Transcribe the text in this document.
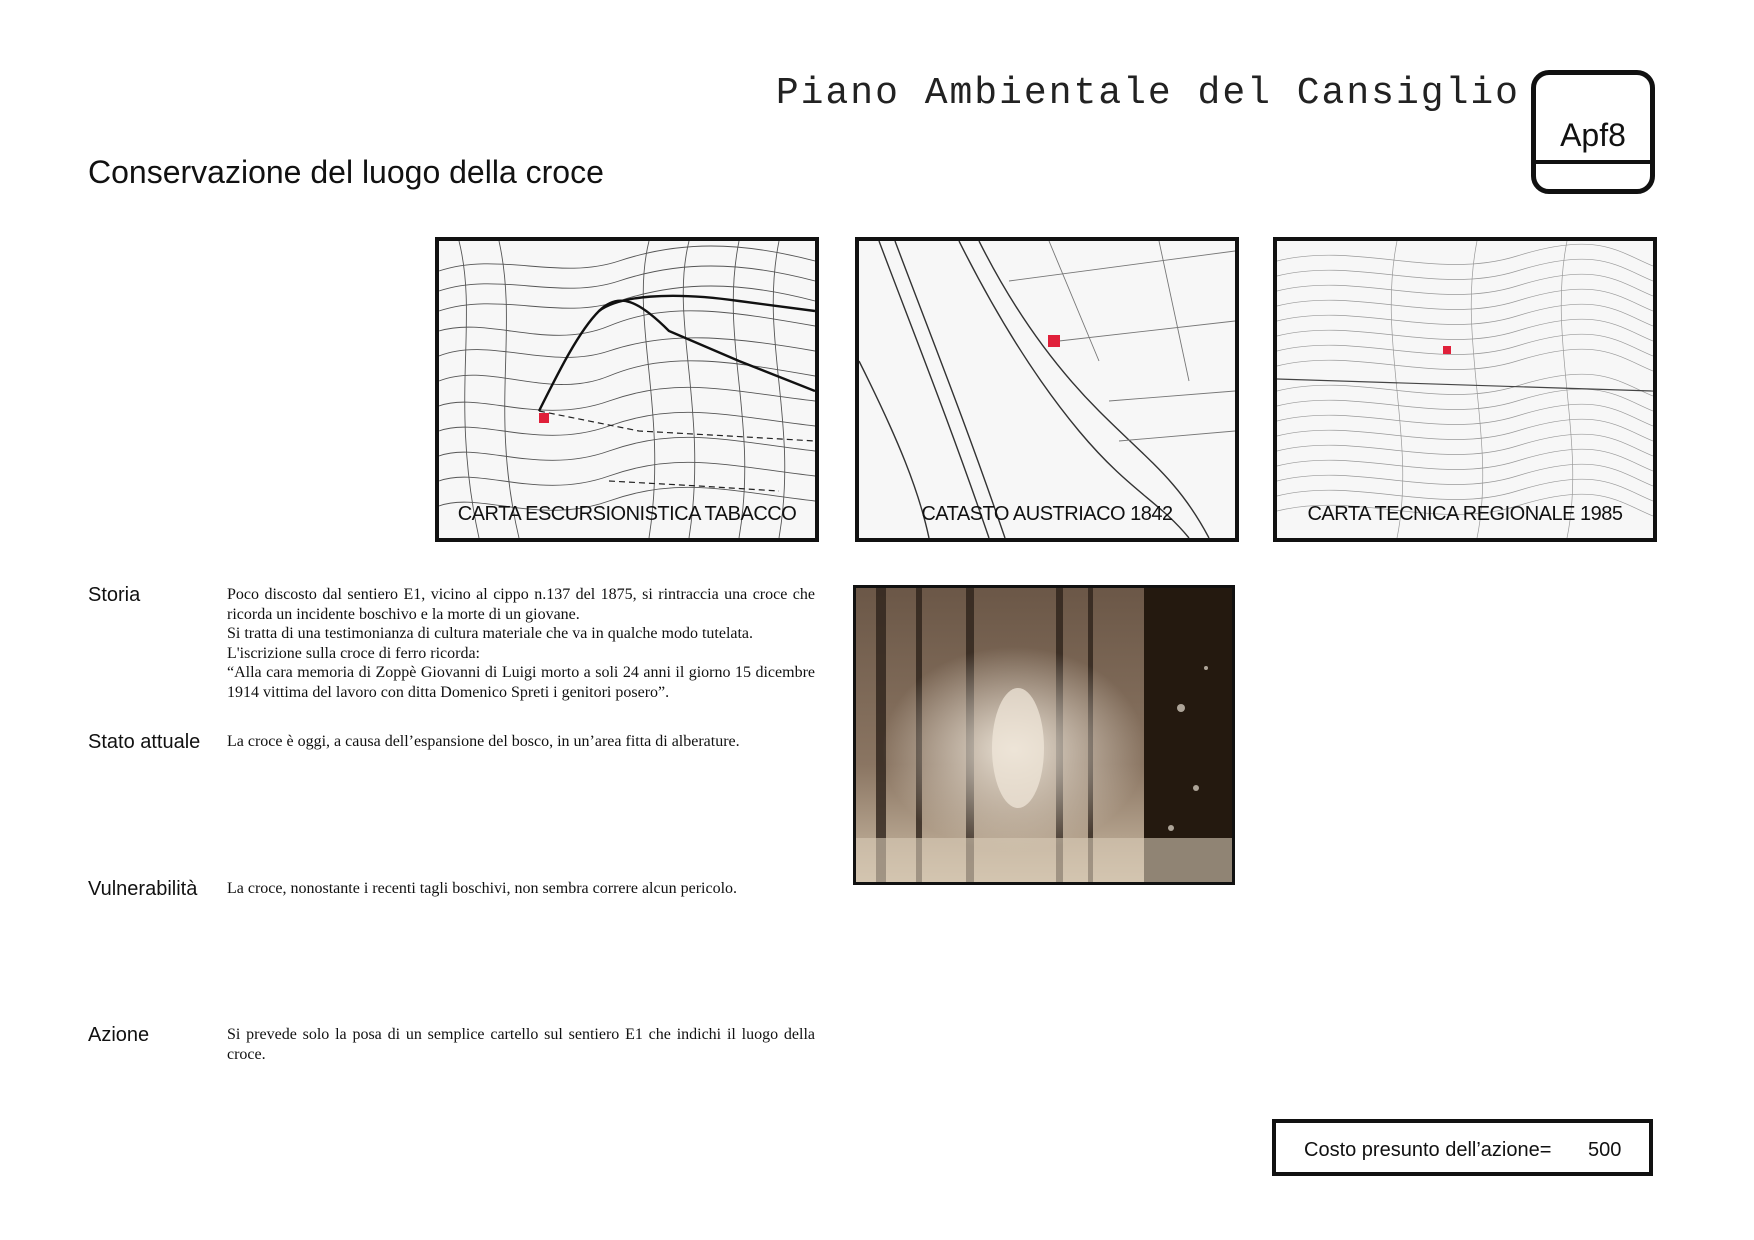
Piano Ambientale del Cansiglio
Apf8
Conservazione del luogo della croce
CARTA ESCURSIONISTICA TABACCO	CATASTO AUSTRIACO 1842	CARTA TECNICA REGIONALE 1985
Storia	Poco discosto dal sentiero E1, vicino al cippo n.137 del 1875, si rintraccia una croce che ricorda un incidente boschivo e la morte di un giovane.

Si tratta di una testimonianza di cultura materiale che va in qualche modo tutelata.

L'iscrizione sulla croce di ferro ricorda:

“Alla cara memoria di Zoppè Giovanni di Luigi morto a soli 24 anni il giorno 15 dicembre 1914 vittima del lavoro con ditta Domenico Spreti i genitori posero”.

Stato attuale La croce è oggi, a causa dell’espansione del bosco, in un’area fitta di alberature.
Vulnerabilità La croce, nonostante i recenti tagli boschivi, non sembra correre alcun pericolo.
Azione	Si prevede solo la posa di un semplice cartello sul sentiero E1 che indichi il luogo della croce.
Costo presunto dell’azione= 500
